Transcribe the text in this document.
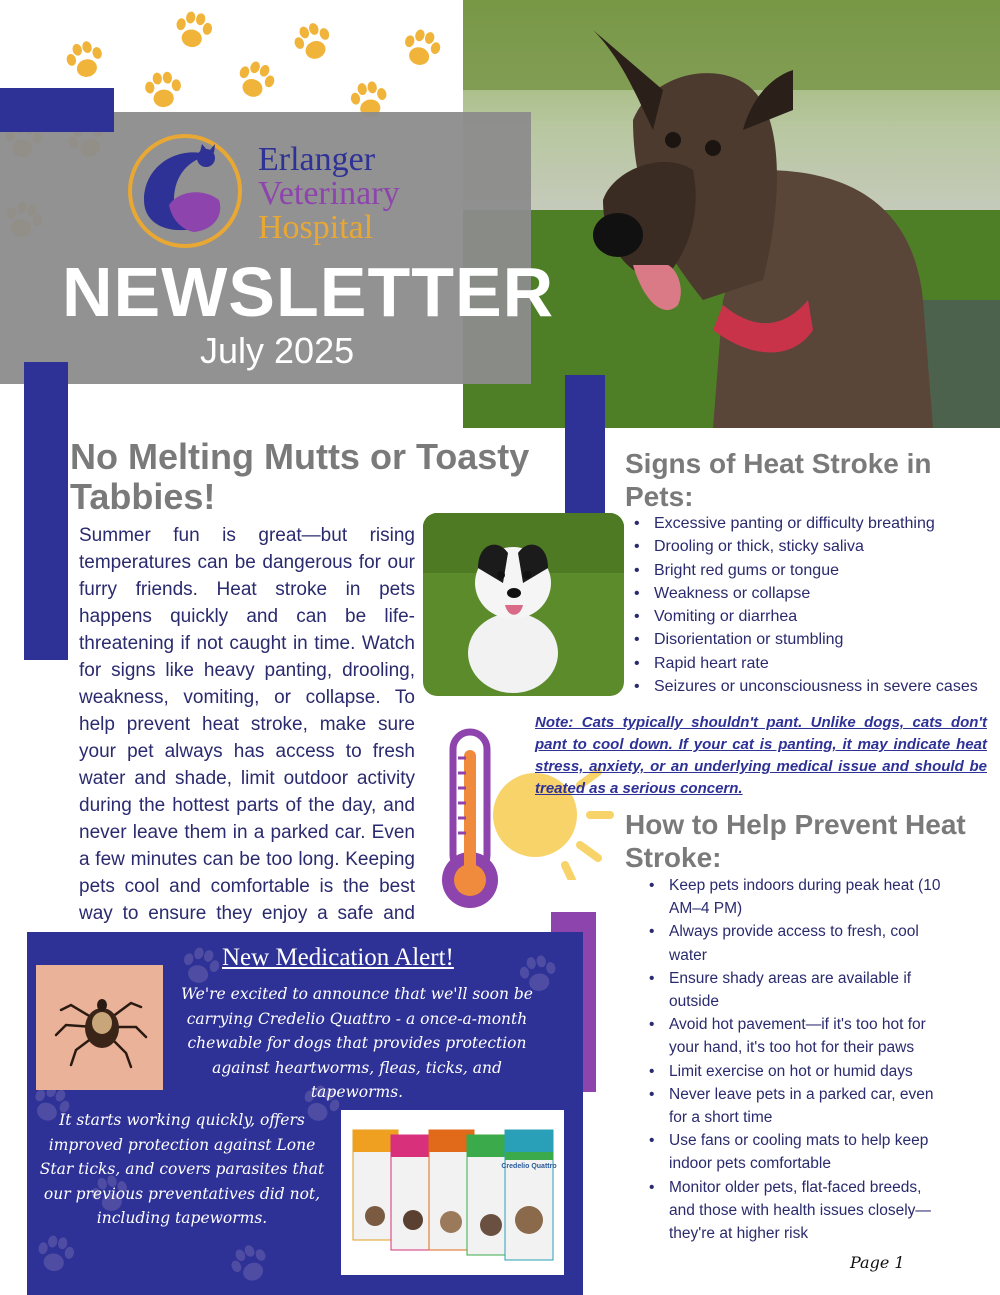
Erlanger
Veterinary
Hospital
NEWSLETTER
July 2025
No Melting Mutts or Toasty Tabbies!
Summer fun is great—but rising temperatures can be dangerous for our furry friends. Heat stroke in pets happens quickly and can be life-threatening if not caught in time. Watch for signs like heavy panting, drooling, weakness, vomiting, or collapse. To help prevent heat stroke, make sure your pet always has access to fresh water and shade, limit outdoor activity during the hottest parts of the day, and never leave them in a parked car. Even a few minutes can be too long. Keeping pets cool and comfortable is the best way to ensure they enjoy a safe and
Signs of Heat Stroke in Pets:
• Excessive panting or difficulty breathing
• Drooling or thick, sticky saliva
• Bright red gums or tongue
• Weakness or collapse
• Vomiting or diarrhea
• Disorientation or stumbling
• Rapid heart rate
• Seizures or unconsciousness in severe cases
Note: Cats typically shouldn't pant. Unlike dogs, cats don't pant to cool down. If your cat is panting, it may indicate heat stress, anxiety, or an underlying medical issue and should be treated as a serious concern.
How to Help Prevent Heat Stroke:
• Keep pets indoors during peak heat (10 AM–4 PM)
• Always provide access to fresh, cool water
• Ensure shady areas are available if outside
• Avoid hot pavement—if it's too hot for your hand, it's too hot for their paws
• Limit exercise on hot or humid days
• Never leave pets in a parked car, even for a short time
• Use fans or cooling mats to help keep indoor pets comfortable
• Monitor older pets, flat-faced breeds, and those with health issues closely—they're at higher risk
New Medication Alert!
We're excited to announce that we'll soon be carrying Credelio Quattro - a once-a-month chewable for dogs that provides protection against heartworms, fleas, ticks, and tapeworms.
It starts working quickly, offers improved protection against Lone Star ticks, and covers parasites that our previous preventatives did not, including tapeworms.
Credelio Quattro
Page 1
